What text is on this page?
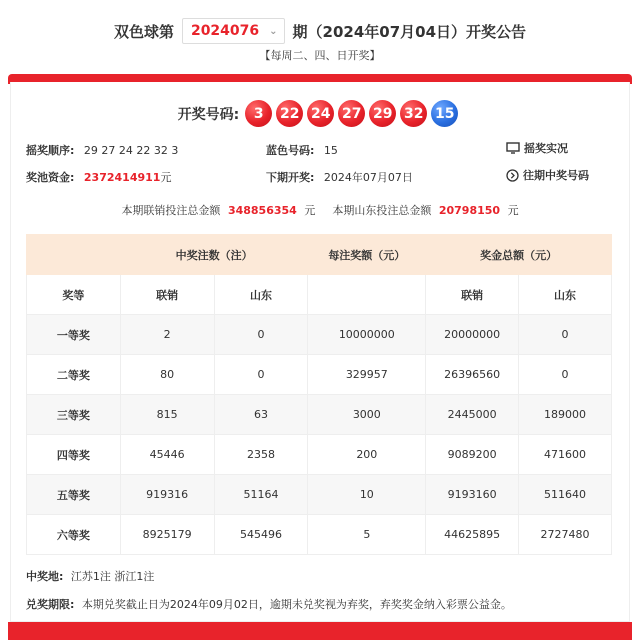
双色球第 2024076 ⌄ 期（2024年07月04日）开奖公告
【每周二、四、日开奖】
开奖号码:	3	22 24 27 29 32 15
摇奖顺序: 29 27 24 22 32 3	蓝色号码: 15	摇奖实况
奖池资金: 2372414911元	下期开奖: 2024年07月07日	往期中奖号码
本期联销投注总金额 348856354 元 本期山东投注总金额 20798150 元
	中奖注数（注）		每注奖额（元）	奖金总额（元）	
奖等	联销	山东		联销	山东
一等奖	2	0	10000000	20000000	0
二等奖	80	0	329957	26396560	0
三等奖	815	63	3000	2445000	189000
四等奖	45446	2358	200	9089200	471600
五等奖	919316	51164	10	9193160	511640
六等奖	8925179	545496	5	44625895	2727480
中奖地: 江苏1注 浙江1注
兑奖期限: 本期兑奖截止日为2024年09月02日，逾期未兑奖视为弃奖，弃奖奖金纳入彩票公益金。
